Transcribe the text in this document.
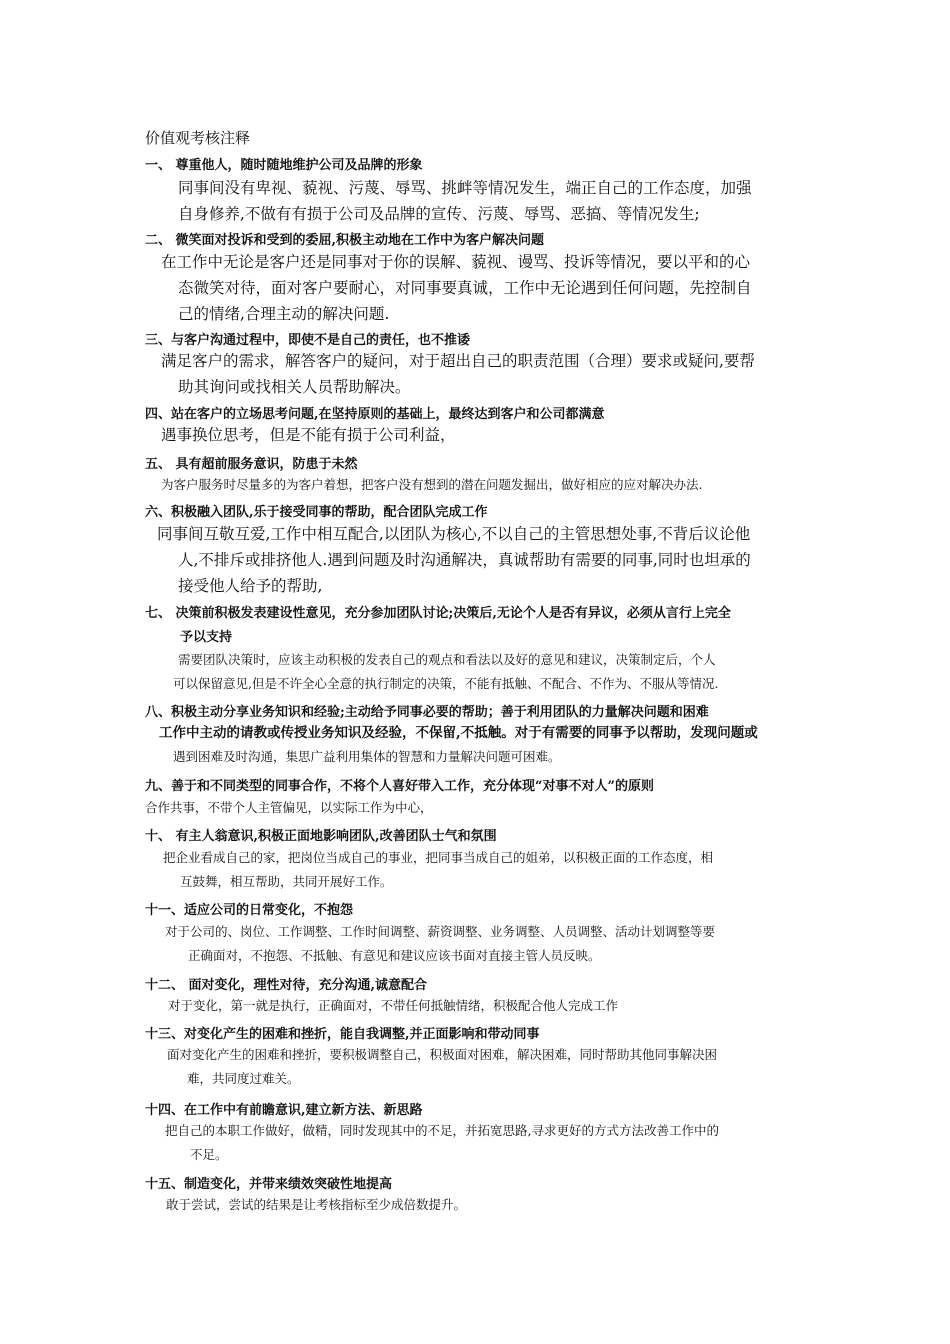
价值观考核注释
一、 尊重他人，随时随地维护公司及品牌的形象
同事间没有卑视、藐视、污蔑、辱骂、挑衅等情况发生，端正自己的工作态度，加强
自身修养,不做有有损于公司及品牌的宣传、污蔑、辱骂、恶搞、等情况发生;
二、 微笑面对投诉和受到的委屈,积极主动地在工作中为客户解决问题
在工作中无论是客户还是同事对于你的误解、藐视、谩骂、投诉等情况，要以平和的心
态微笑对待，面对客户要耐心，对同事要真诚，工作中无论遇到任何问题，先控制自
己的情绪,合理主动的解决问题.
三、与客户沟通过程中，即使不是自己的责任，也不推诿
满足客户的需求，解答客户的疑问，对于超出自己的职责范围（合理）要求或疑问,要帮
助其询问或找相关人员帮助解决。
四、站在客户的立场思考问题,在坚持原则的基础上，最终达到客户和公司都满意
遇事换位思考，但是不能有损于公司利益，
五、 具有超前服务意识，防患于未然
为客户服务时尽量多的为客户着想，把客户没有想到的潜在问题发掘出，做好相应的应对解决办法.
六、积极融入团队,乐于接受同事的帮助，配合团队完成工作
同事间互敬互爱,工作中相互配合,以团队为核心,不以自己的主管思想处事,不背后议论他
人,不排斥或排挤他人.遇到问题及时沟通解决，真诚帮助有需要的同事,同时也坦承的
接受他人给予的帮助,
七、 决策前积极发表建设性意见，充分参加团队讨论;决策后,无论个人是否有异议，必须从言行上完全
予以支持
需要团队决策时，应该主动积极的发表自己的观点和看法以及好的意见和建议，决策制定后，个人
可以保留意见,但是不许全心全意的执行制定的决策，不能有抵触、不配合、不作为、不服从等情况.
八、积极主动分享业务知识和经验;主动给予同事必要的帮助；善于利用团队的力量解决问题和困难
工作中主动的请教或传授业务知识及经验，不保留,不抵触。对于有需要的同事予以帮助，发现问题或
遇到困难及时沟通，集思广益利用集体的智慧和力量解决问题可困难。
九、善于和不同类型的同事合作，不将个人喜好带入工作，充分体现“对事不对人”的原则
合作共事，不带个人主管偏见，以实际工作为中心，
十、 有主人翁意识,积极正面地影响团队,改善团队士气和氛围
把企业看成自己的家，把岗位当成自己的事业，把同事当成自己的姐弟，以积极正面的工作态度，相
互鼓舞，相互帮助，共同开展好工作。
十一、适应公司的日常变化，不抱怨
对于公司的、岗位、工作调整、工作时间调整、薪资调整、业务调整、人员调整、活动计划调整等要
正确面对，不抱怨、不抵触、有意见和建议应该书面对直接主管人员反映。
十二、 面对变化，理性对待，充分沟通,诚意配合
对于变化，第一就是执行，正确面对，不带任何抵触情绪，积极配合他人完成工作
十三、对变化产生的困难和挫折，能自我调整,并正面影响和带动同事
面对变化产生的困难和挫折，要积极调整自己，积极面对困难，解决困难，同时帮助其他同事解决困
难，共同度过难关。
十四、在工作中有前瞻意识,建立新方法、新思路
把自己的本职工作做好，做精，同时发现其中的不足，并拓宽思路,寻求更好的方式方法改善工作中的
不足。
十五、制造变化，并带来绩效突破性地提高
敢于尝试，尝试的结果是让考核指标至少成倍数提升。
